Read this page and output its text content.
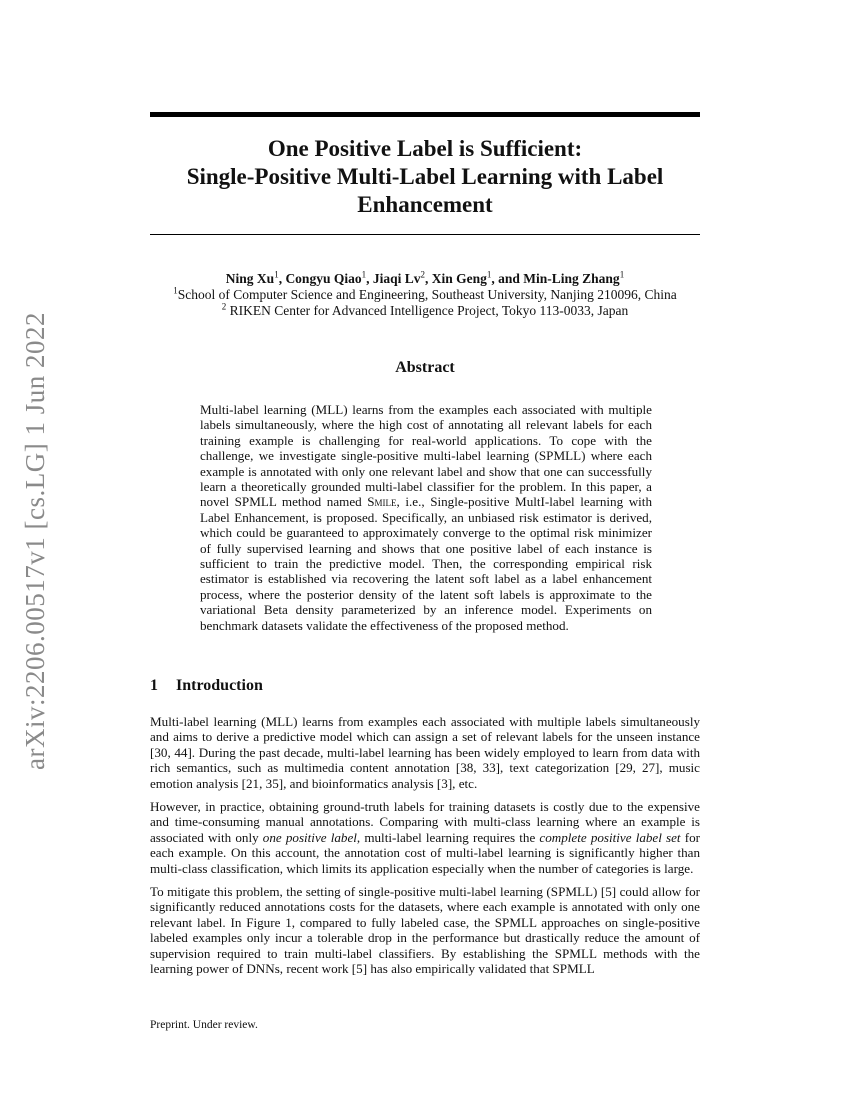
arXiv:2206.00517v1 [cs.LG] 1 Jun 2022
One Positive Label is Sufficient:
Single-Positive Multi-Label Learning with Label
Enhancement
Ning Xu$^1$, Congyu Qiao$^1$, Jiaqi Lv$^2$, Xin Geng$^1$, and Min-Ling Zhang$^1$
$^1$School of Computer Science and Engineering, Southeast University, Nanjing 210096, China
$^2$ RIKEN Center for Advanced Intelligence Project, Tokyo 113-0033, Japan
Abstract

Multi-label learning (MLL) learns from the examples each associated with multiple labels simultaneously, where the high cost of annotating all relevant labels for each training example is challenging for real-world applications. To cope with the challenge, we investigate single-positive multi-label learning (SPMLL) where each example is annotated with only one relevant label and show that one can successfully learn a theoretically grounded multi-label classifier for the problem. In this paper, a novel SPMLL method named Smile, i.e., Single-positive MultI-label learning with Label Enhancement, is proposed. Specifically, an unbiased risk estimator is derived, which could be guaranteed to approximately converge to the optimal risk minimizer of fully supervised learning and shows that one positive label of each instance is sufficient to train the predictive model. Then, the corresponding empirical risk estimator is established via recovering the latent soft label as a label enhancement process, where the posterior density of the latent soft labels is approximate to the variational Beta density parameterized by an inference model. Experiments on benchmark datasets validate the effectiveness of the proposed method.

1 Introduction

Multi-label learning (MLL) learns from examples each associated with multiple labels simultaneously and aims to derive a predictive model which can assign a set of relevant labels for the unseen instance [30, 44]. During the past decade, multi-label learning has been widely employed to learn from data with rich semantics, such as multimedia content annotation [38, 33], text categorization [29, 27], music emotion analysis [21, 35], and bioinformatics analysis [3], etc.

However, in practice, obtaining ground-truth labels for training datasets is costly due to the expensive and time-consuming manual annotations. Comparing with multi-class learning where an example is associated with only one positive label, multi-label learning requires the complete positive label set for each example. On this account, the annotation cost of multi-label learning is significantly higher than multi-class classification, which limits its application especially when the number of categories is large.

To mitigate this problem, the setting of single-positive multi-label learning (SPMLL) [5] could allow for significantly reduced annotations costs for the datasets, where each example is annotated with only one relevant label. In Figure 1, compared to fully labeled case, the SPMLL approaches on single-positive labeled examples only incur a tolerable drop in the performance but drastically reduce the amount of supervision required to train multi-label classifiers. By establishing the SPMLL methods with the learning power of DNNs, recent work [5] has also empirically validated that SPMLL

Preprint. Under review.
